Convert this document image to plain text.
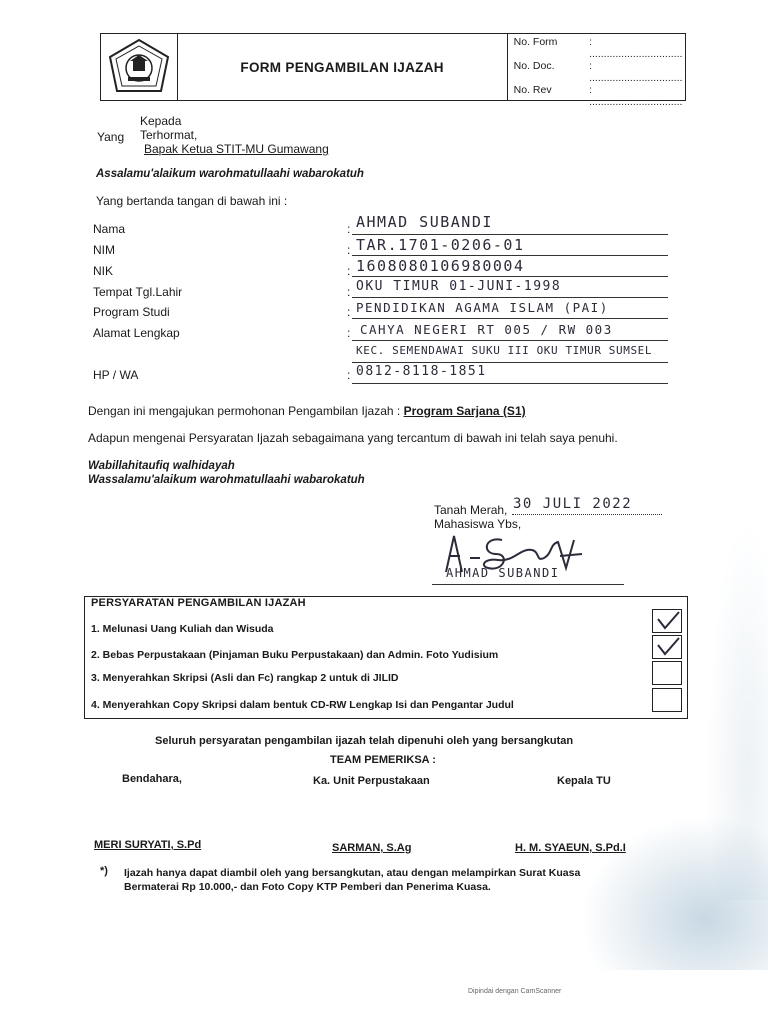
FORM PENGAMBILAN IJAZAH
No. Form	: ................................
No. Doc.	: ................................
No. Rev	: ................................
Kepada
Yang Terhormat,
Bapak Ketua STIT-MU Gumawang
Assalamu'alaikum warohmatullaahi wabarokatuh
Yang bertanda tangan di bawah ini :
Nama	: AHMAD SUBANDI
NIM	: TAR.1701-0206-01
NIK	: 1608080106980004
Tempat Tgl.Lahir	: OKU TIMUR 01-JUNI-1998
Program Studi	: PENDIDIKAN AGAMA ISLAM (PAI)
Alamat Lengkap	: CAHYA NEGERI RT 005 / RW 003
KEC. SEMENDAWAI SUKU III OKU TIMUR SUMSEL
HP / WA	: 0812-8118-1851
Dengan ini mengajukan permohonan Pengambilan Ijazah : Program Sarjana (S1)
Adapun mengenai Persyaratan Ijazah sebagaimana yang tercantum di bawah ini telah saya penuhi.
Wabillahitaufiq walhidayah
Wassalamu'alaikum warohmatullaahi wabarokatuh
Tanah Merah, 30 JULI 2022
Mahasiswa Ybs,
AHMAD SUBANDI
PERSYARATAN PENGAMBILAN IJAZAH
1. Melunasi Uang Kuliah dan Wisuda
2. Bebas Perpustakaan (Pinjaman Buku Perpustakaan) dan Admin. Foto Yudisium
3. Menyerahkan Skripsi (Asli dan Fc) rangkap 2 untuk di JILID
4. Menyerahkan Copy Skripsi dalam bentuk CD-RW Lengkap Isi dan Pengantar Judul
Seluruh persyaratan pengambilan ijazah telah dipenuhi oleh yang bersangkutan
TEAM PEMERIKSA :
Bendahara,	Ka. Unit Perpustakaan	Kepala TU
MERI SURYATI, S.Pd	SARMAN, S.Ag	H. M. SYAEUN, S.Pd.I
*) Ijazah hanya dapat diambil oleh yang bersangkutan, atau dengan melampirkan Surat Kuasa
Bermaterai Rp 10.000,- dan Foto Copy KTP Pemberi dan Penerima Kuasa.
Dipindai dengan CamScanner
